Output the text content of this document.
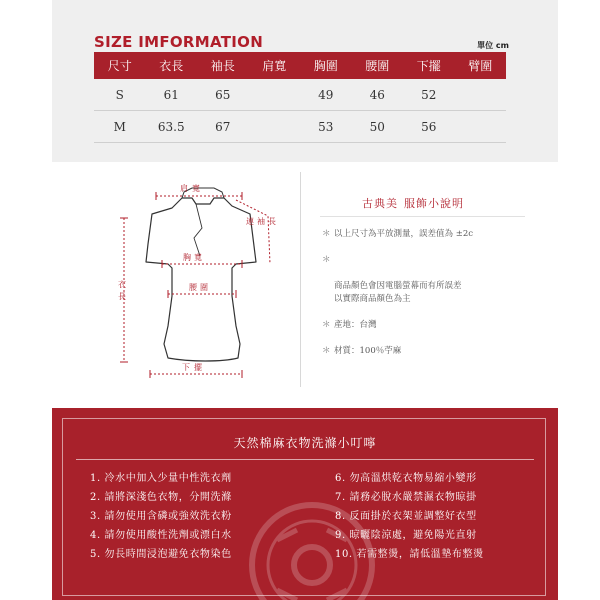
SIZE IMFORMATION	單位 cm
尺寸	衣長	袖長	肩寬	胸圍	腰圍	下擺	臂圍
S	61	65		49	46	52	
M	63.5	67		53	50	56	
肩寬
連袖長
胸寬
腰圍
衣長
下擺
古典美 服飾小說明
＊ 以上尺寸為平放測量，誤差值為 ±2c

＊

商品顏色會因電腦螢幕而有所誤差
以實際商品顏色為主

＊ 產地：台灣
＊ 材質：100％苧麻
天然棉麻衣物洗滌小叮嚀
1. 冷水中加入少量中性洗衣劑
2. 請將深淺色衣物，分開洗滌
3. 請勿使用含磷或強效洗衣粉
4. 請勿使用酸性洗劑或漂白水
5. 勿長時間浸泡避免衣物染色
6. 勿高溫烘乾衣物易縮小變形
7. 請務必脫水嚴禁濕衣物晾掛
8. 反面掛於衣架並調整好衣型
9. 晾曬陰涼處，避免陽光直射
10. 若需整燙，請低溫墊布整燙
